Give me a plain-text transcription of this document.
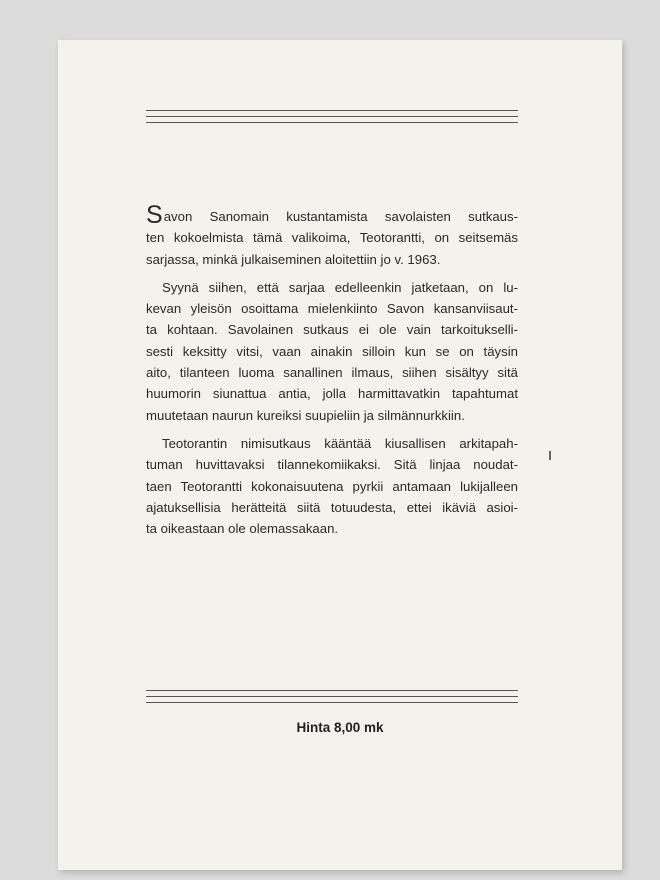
Savon Sanomain kustantamista savolaisten sutkaus-
ten kokoelmista tämä valikoima, Teotorantti, on seitsemäs
sarjassa, minkä julkaiseminen aloitettiin jo v. 1963.
Syynä siihen, että sarjaa edelleenkin jatketaan, on lu-
kevan yleisön osoittama mielenkiinto Savon kansanviisaut-
ta kohtaan. Savolainen sutkaus ei ole vain tarkoitukselli-
sesti keksitty vitsi, vaan ainakin silloin kun se on täysin
aito, tilanteen luoma sanallinen ilmaus, siihen sisältyy sitä
huumorin siunattua antia, jolla harmittavatkin tapahtumat
muutetaan naurun kureiksi suupieliin ja silmännurkkiin.
Teotorantin nimisutkaus kääntää kiusallisen arkitapah-
tuman huvittavaksi tilannekomiikaksi. Sitä linjaa noudat-
taen Teotorantti kokonaisuutena pyrkii antamaan lukijalleen
ajatuksellisia herätteitä siitä totuudesta, ettei ikäviä asioi-
ta oikeastaan ole olemassakaan.
Hinta 8,00 mk
